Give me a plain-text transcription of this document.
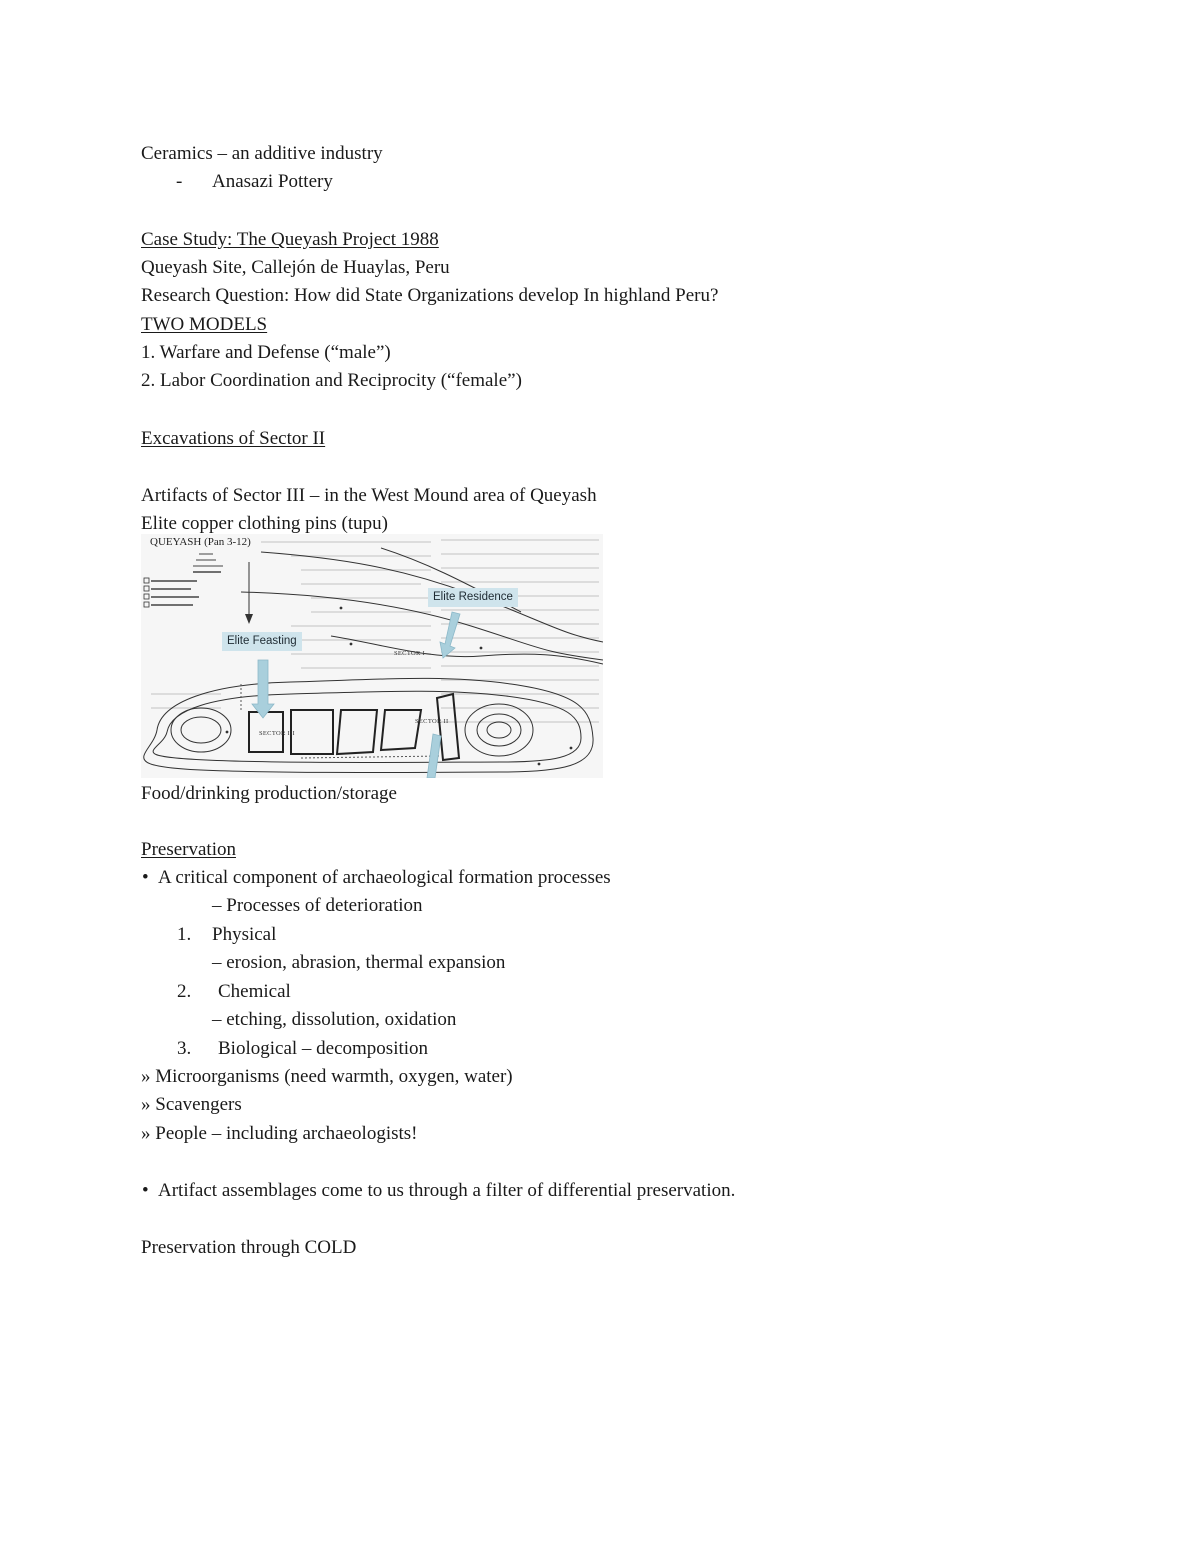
Ceramics – an additive industry
- Anasazi Pottery
Case Study: The Queyash Project 1988
Queyash Site, Callejón de Huaylas, Peru
Research Question: How did State Organizations develop In highland Peru?
TWO MODELS
1. Warfare and Defense (“male”)
2. Labor Coordination and Reciprocity (“female”)
Excavations of Sector II
Artifacts of Sector III – in the West Mound area of Queyash
Elite copper clothing pins (tupu)
QUEYASH (Pan 3-12)
Elite Residence
Elite Feasting
SECTOR I
SECTOR II
SECTOR III
Food/drinking production/storage
Preservation
• A critical component of archaeological formation processes
– Processes of deterioration
1. Physical
– erosion, abrasion, thermal expansion
2. Chemical
– etching, dissolution, oxidation
3. Biological – decomposition
» Microorganisms (need warmth, oxygen, water)
» Scavengers
» People – including archaeologists!
• Artifact assemblages come to us through a filter of differential preservation.
Preservation through COLD
